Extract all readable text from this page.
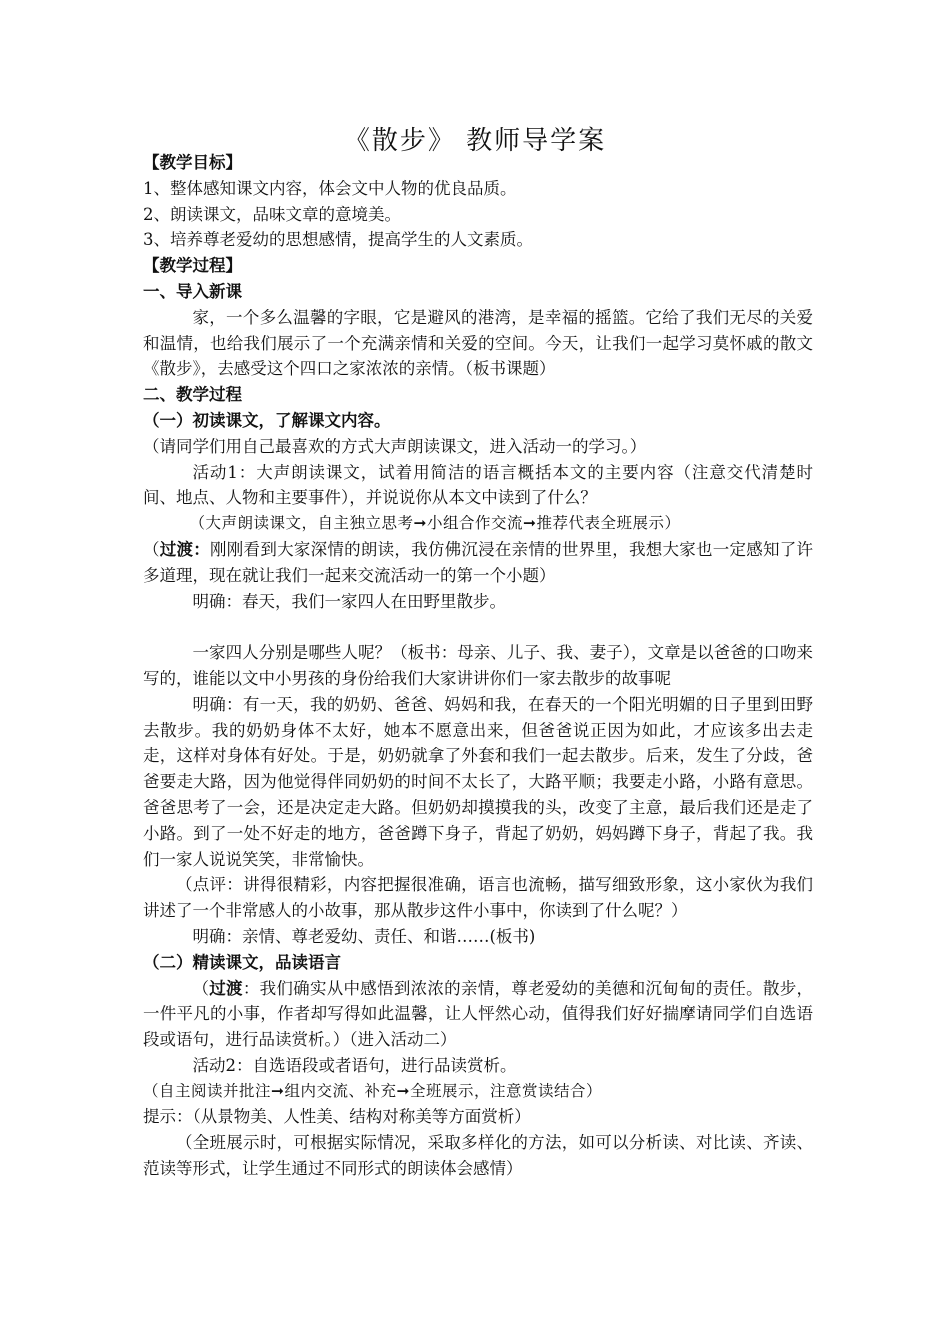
《散步》 教师导学案

【教学目标】

1、整体感知课文内容，体会文中人物的优良品质。

2、朗读课文，品味文章的意境美。

3、培养尊老爱幼的思想感情，提高学生的人文素质。

【教学过程】

一、导入新课

家，一个多么温馨的字眼，它是避风的港湾，是幸福的摇篮。它给了我们无尽的关爱和温情，也给我们展示了一个充满亲情和关爱的空间。今天，让我们一起学习莫怀戚的散文《散步》，去感受这个四口之家浓浓的亲情。（板书课题）

二、教学过程

（一）初读课文，了解课文内容。

（请同学们用自己最喜欢的方式大声朗读课文，进入活动一的学习。）

活动1：大声朗读课文，试着用简洁的语言概括本文的主要内容（注意交代清楚时间、地点、人物和主要事件），并说说你从本文中读到了什么？

（大声朗读课文，自主独立思考➞小组合作交流➞推荐代表全班展示）

（过渡：刚刚看到大家深情的朗读，我仿佛沉浸在亲情的世界里，我想大家也一定感知了许多道理，现在就让我们一起来交流活动一的第一个小题）

明确：春天，我们一家四人在田野里散步。

一家四人分别是哪些人呢？（板书：母亲、儿子、我、妻子），文章是以爸爸的口吻来写的，谁能以文中小男孩的身份给我们大家讲讲你们一家去散步的故事呢

明确：有一天，我的奶奶、爸爸、妈妈和我，在春天的一个阳光明媚的日子里到田野去散步。我的奶奶身体不太好，她本不愿意出来，但爸爸说正因为如此，才应该多出去走走，这样对身体有好处。于是，奶奶就拿了外套和我们一起去散步。后来，发生了分歧，爸爸要走大路，因为他觉得伴同奶奶的时间不太长了，大路平顺；我要走小路，小路有意思。爸爸思考了一会，还是决定走大路。但奶奶却摸摸我的头，改变了主意，最后我们还是走了小路。到了一处不好走的地方，爸爸蹲下身子，背起了奶奶，妈妈蹲下身子，背起了我。我们一家人说说笑笑，非常愉快。

（点评：讲得很精彩，内容把握很准确，语言也流畅，描写细致形象，这小家伙为我们讲述了一个非常感人的小故事，那从散步这件小事中，你读到了什么呢？）

明确：亲情、尊老爱幼、责任、和谐……(板书)

（二）精读课文，品读语言

（过渡：我们确实从中感悟到浓浓的亲情，尊老爱幼的美德和沉甸甸的责任。散步，一件平凡的小事，作者却写得如此温馨，让人怦然心动，值得我们好好揣摩请同学们自选语段或语句，进行品读赏析。）（进入活动二）

活动2：自选语段或者语句，进行品读赏析。

（自主阅读并批注➞组内交流、补充➞全班展示，注意赏读结合）

提示：（从景物美、人性美、结构对称美等方面赏析）

（全班展示时，可根据实际情况，采取多样化的方法，如可以分析读、对比读、齐读、范读等形式，让学生通过不同形式的朗读体会感情）
